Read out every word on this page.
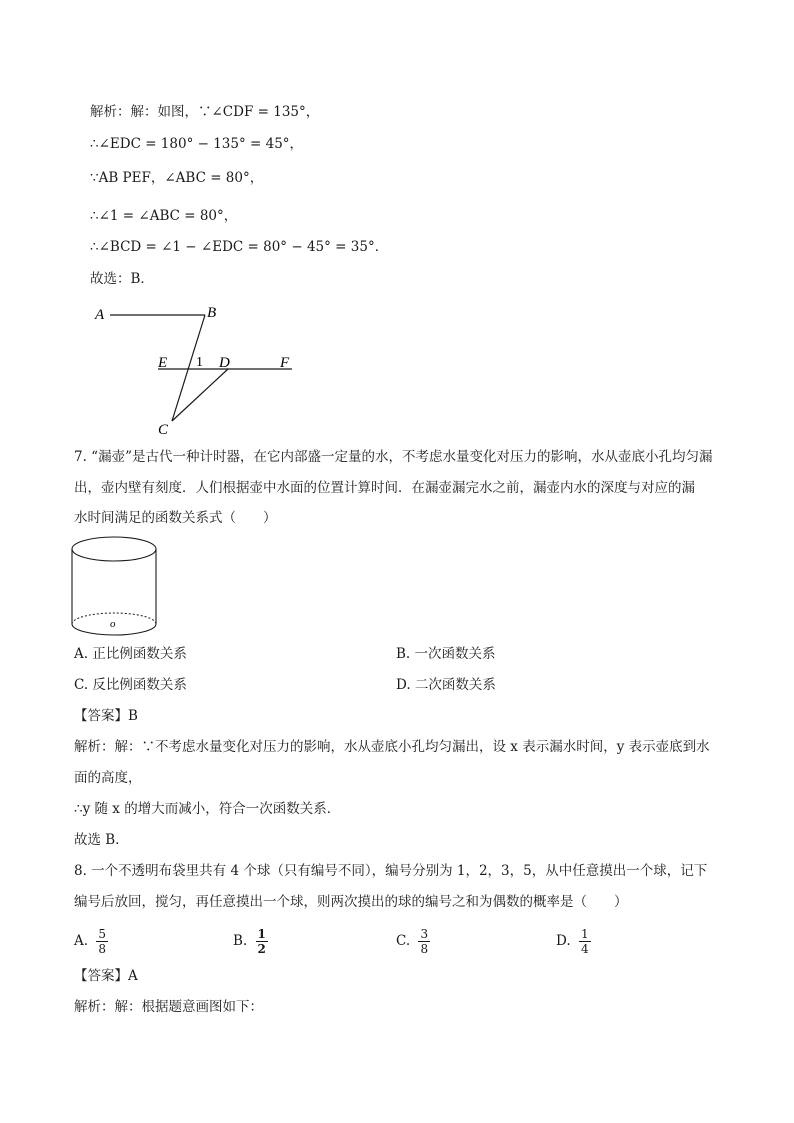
解析：解：如图，∵∠CDF = 135°，
∴∠EDC = 180° − 135° = 45°，
∵AB PEF，∠ABC = 80°，
∴∠1 = ∠ABC = 80°，
∴∠BCD = ∠1 − ∠EDC = 80° − 45° = 35°．
故选：B．
A	B
E 1 D	F
C
7. “漏壶”是古代一种计时器，在它内部盛一定量的水，不考虑水量变化对压力的影响，水从壶底小孔均匀漏
出，壶内壁有刻度．人们根据壶中水面的位置计算时间．在漏壶漏完水之前，漏壶内水的深度与对应的漏
水时间满足的函数关系式（　　）
o
A. 正比例函数关系	B. 一次函数关系
C. 反比例函数关系	D. 二次函数关系
【答案】B
解析：解：∵不考虑水量变化对压力的影响，水从壶底小孔均匀漏出，设 x 表示漏水时间，y 表示壶底到水
面的高度，
∴y 随 x 的增大而减小，符合一次函数关系．
故选 B．
8. 一个不透明布袋里共有 4 个球（只有编号不同），编号分别为 1，2，3，5，从中任意摸出一个球，记下
编号后放回，搅匀，再任意摸出一个球，则两次摸出的球的编号之和为偶数的概率是（　　）
A. $\frac{5}{8}$	B. $\frac{1}{2}$	C. $\frac{3}{8}$	D. $\frac{1}{4}$
【答案】A
解析：解：根据题意画图如下：
